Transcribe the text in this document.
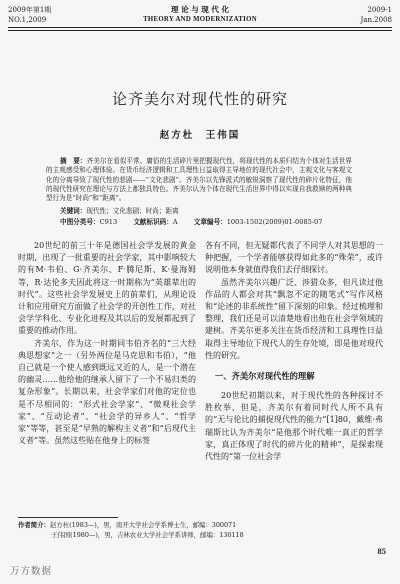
2009年第1期
NO.1,2009
理 论 与 现 代 化
THEORY AND MODERNIZATION
2009-1
Jan.2008
论齐美尔对现代性的研究
赵方杜　王伟国

摘　要：齐美尔在看似平常、庸俗的生活碎片里把握现代性，将现代性的本质归结为个体对生活世界的主观感受和心理体验。在货币经济逻辑和工具理性日益取得主导地位的现代社会中，主观文化与客观文化的分离导致了现代性的悲剧——“文化悲剧”。齐美尔以先锋派式的敏锐洞察了现代性的碎片化特征，他的现代性研究在理论与方法上都独具特色。齐美尔认为个体在现代生活世界中得以实现自我救赎的两种典型行为是“时尚”和“距离”。

关键词：现代性；文化悲剧；时尚；距离
中图分类号：C913 文献标识码：A 文章编号：1003-1502(2009)01-0085-07

20世纪的前三十年是德国社会学发展的黄金时期，出现了一批重要的社会学家，其中影响较大的有M·韦伯、G·齐美尔、F·腾尼斯、K·曼海姆等，R·达伦多夫因此将这一时期称为“英雄辈出的时代”。这些社会学发展史上的前辈们，从理论设计和应用研究方面做了社会学的开创性工作，对社会学学科化、专业化进程及其以后的发展都起到了重要的推动作用。

齐美尔，作为这一时期同韦伯齐名的“三大经典思想家”之一（另外两位是马克思和韦伯），“他自己就是一个使人感到既远又近的人，是一个潜在的幽灵……他给他的继承人留下了一个不易归类的复杂形象”。长期以来，社会学家们对他的定位也是不尽相同的：“形式社会学家”、“微观社会学家”、“互动论者”、“社会学的异乡人”、“哲学家”等等，甚至是“早熟的解构主义者”和“后现代主义者”等。虽然这些贴在他身上的标签

各有不同，但无疑都代表了不同学人对其思想的一种把握，一个学者能够获得如此多的“殊荣”，或许说明他本身就值得我们去仔细探讨。

虽然齐美尔兴趣广泛、涉猎众多，但凡读过他作品的人都会对其“飘忽不定的随笔式”写作风格和“论述的非系统性”留下深刻的印象。经过梳理和整理，我们还是可以清楚地看出他在社会学领域的建树。齐美尔更多关注在货币经济和工具理性日益取得主导地位下现代人的生存处境，即是他对现代性的研究。

一、齐美尔对现代性的理解

20世纪初期以来，对于现代性的各种探讨不胜枚举，但是，齐美尔有着同时代人所不具有的“无与伦比的捕捉现代性的能力”[1]80，戴维·弗瑞斯比认为齐美尔“是他那个时代唯一真正的哲学家，真正体现了时代的碎片化的精神”，是探索现代性的“第一位社会学

作者简介：赵方杜(1983—)，男，南开大学社会学系博士生，邮编：300071
王伟国(1980—)，男，吉林农业大学社会学系讲师，邮编：130118
85
万方数据
